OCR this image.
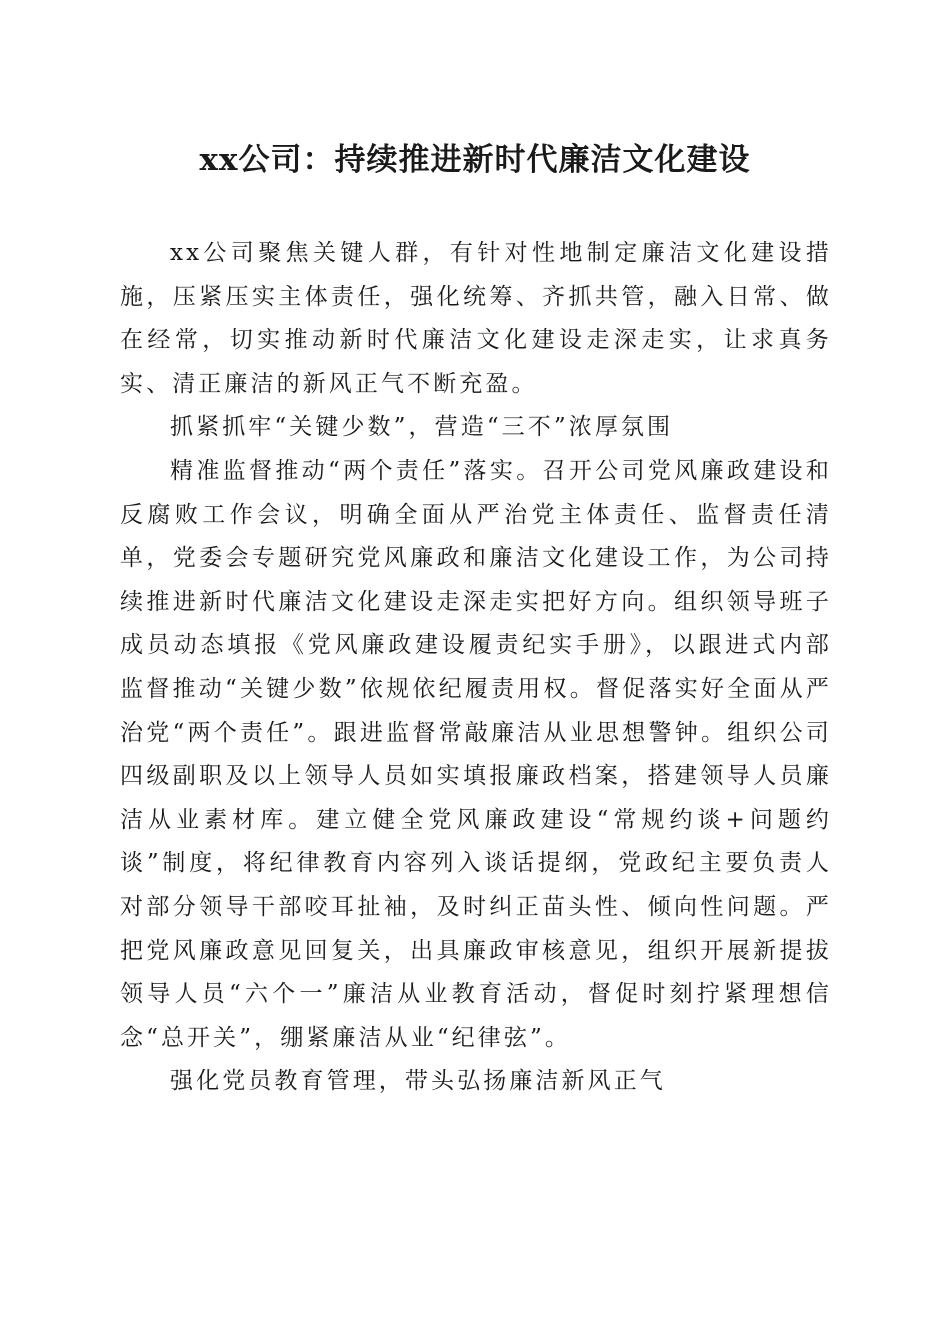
xx公司：持续推进新时代廉洁文化建设

xx公司聚焦关键人群，有针对性地制定廉洁文化建设措施，压紧压实主体责任，强化统筹、齐抓共管，融入日常、做在经常，切实推动新时代廉洁文化建设走深走实，让求真务实、清正廉洁的新风正气不断充盈。

抓紧抓牢“关键少数”，营造“三不”浓厚氛围

精准监督推动“两个责任”落实。召开公司党风廉政建设和反腐败工作会议，明确全面从严治党主体责任、监督责任清单，党委会专题研究党风廉政和廉洁文化建设工作，为公司持续推进新时代廉洁文化建设走深走实把好方向。组织领导班子成员动态填报《党风廉政建设履责纪实手册》，以跟进式内部监督推动“关键少数”依规依纪履责用权。督促落实好全面从严治党“两个责任”。跟进监督常敲廉洁从业思想警钟。组织公司四级副职及以上领导人员如实填报廉政档案，搭建领导人员廉洁从业素材库。建立健全党风廉政建设“常规约谈+问题约谈”制度，将纪律教育内容列入谈话提纲，党政纪主要负责人对部分领导干部咬耳扯袖，及时纠正苗头性、倾向性问题。严把党风廉政意见回复关，出具廉政审核意见，组织开展新提拔领导人员“六个一”廉洁从业教育活动，督促时刻拧紧理想信念“总开关”，绷紧廉洁从业“纪律弦”。

强化党员教育管理，带头弘扬廉洁新风正气
